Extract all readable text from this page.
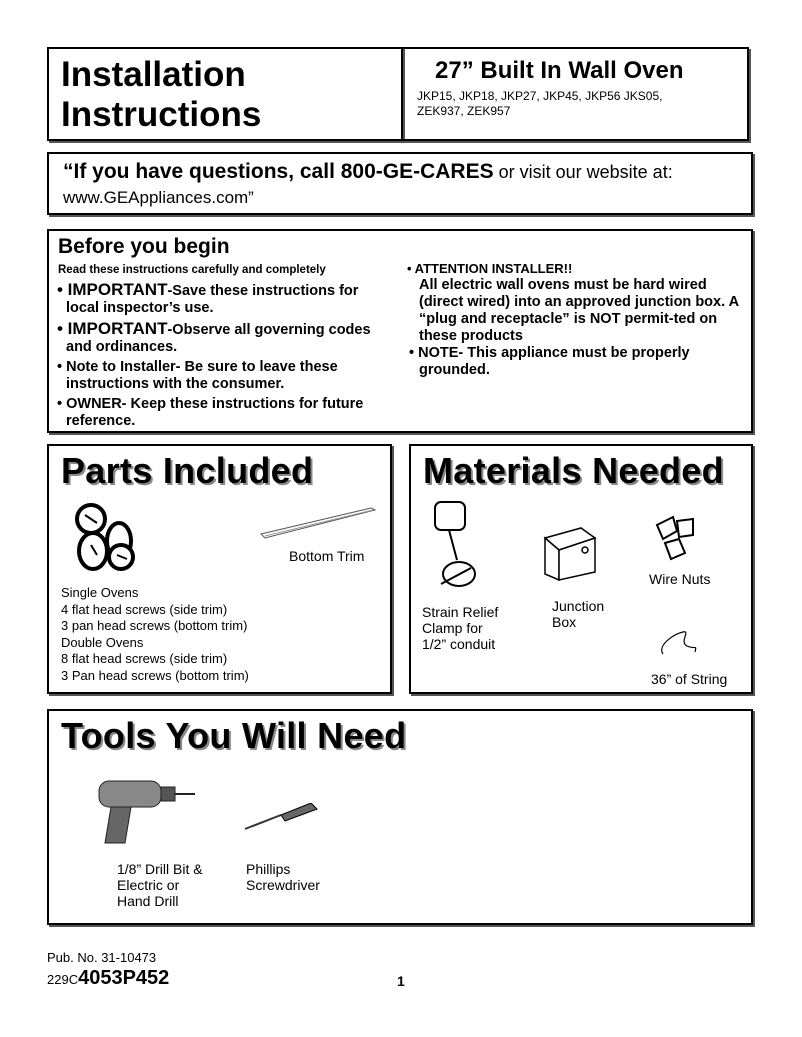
Installation
Instructions
27” Built In Wall Oven
JKP15, JKP18, JKP27, JKP45, JKP56 JKS05,
ZEK937, ZEK957
“If you have questions, call 800-GE-CARES or visit our website at:
www.GEAppliances.com”
Before you begin
Read these instructions carefully and completely
• IMPORTANT-Save these instructions for local inspector’s use.
• IMPORTANT-Observe all governing codes and ordinances.
• Note to Installer- Be sure to leave these instructions with the consumer.
• OWNER- Keep these instructions for future reference.
• ATTENTION INSTALLER!!
All electric wall ovens must be hard wired (direct wired) into an approved junction box. A “plug and receptacle” is NOT permit-ted on these products
• NOTE- This appliance must be properly grounded.
Parts Included
Bottom Trim
Single Ovens
4 flat head screws (side trim)
3 pan head screws (bottom trim)
Double Ovens
8 flat head screws (side trim)
3 Pan head screws (bottom trim)
Materials Needed
Wire Nuts
Strain Relief
Clamp for
1/2” conduit
Junction
Box
36” of String
Tools You Will Need
1/8” Drill Bit &
Electric or
Hand Drill
Phillips
Screwdriver
Pub. No. 31-10473
229C4053P452	1
